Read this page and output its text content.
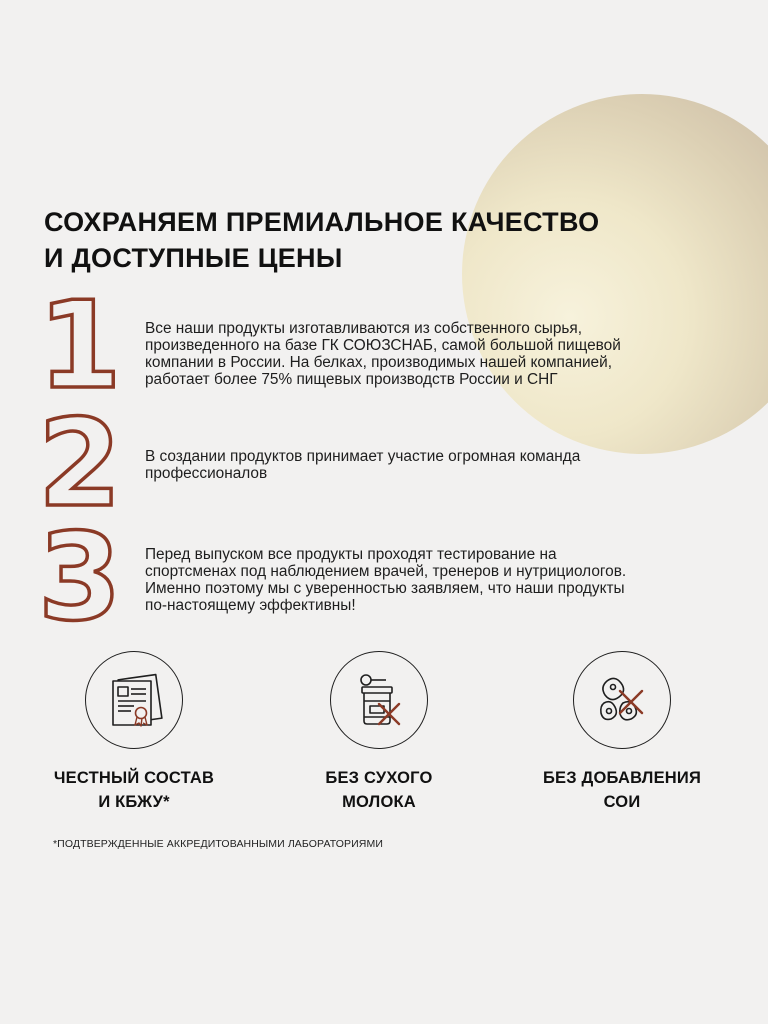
СОХРАНЯЕМ ПРЕМИАЛЬНОЕ КАЧЕСТВО
И ДОСТУПНЫЕ ЦЕНЫ
1 Все наши продукты изготавливаются из собственного сырья,
произведенного на базе ГК СОЮЗСНАБ, самой большой пищевой
компании в России. На белках, производимых нашей компанией,
работает более 75% пищевых производств России и СНГ

2 В создании продуктов принимает участие огромная команда
профессионалов

3 Перед выпуском все продукты проходят тестирование на
спортсменах под наблюдением врачей, тренеров и нутрициологов.
Именно поэтому мы с уверенностью заявляем, что наши продукты
по-настоящему эффективны!

ЧЕСТНЫЙ СОСТАВ
И КБЖУ*
БЕЗ СУХОГО
МОЛОКА
БЕЗ ДОБАВЛЕНИЯ
СОИ
*ПОДТВЕРЖДЕННЫЕ АККРЕДИТОВАННЫМИ ЛАБОРАТОРИЯМИ
